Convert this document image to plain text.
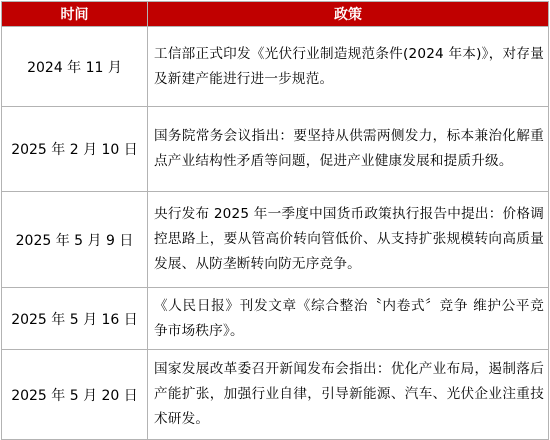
时间	政策
2024 年 11 月	工信部正式印发《光伏行业制造规范条件(2024 年本)》，对存量及新建产能进行进一步规范。
2025 年 2 月 10 日	国务院常务会议指出：要坚持从供需两侧发力，标本兼治化解重点产业结构性矛盾等问题，促进产业健康发展和提质升级。
2025 年 5 月 9 日	央行发布 2025 年一季度中国货币政策执行报告中提出：价格调控思路上，要从管高价转向管低价、从支持扩张规模转向高质量发展、从防垄断转向防无序竞争。
2025 年 5 月 16 日	《人民日报》刊发文章《综合整治〝内卷式〞竞争 维护公平竞争市场秩序》。
2025 年 5 月 20 日	国家发展改革委召开新闻发布会指出：优化产业布局，遏制落后产能扩张，加强行业自律，引导新能源、汽车、光伏企业注重技术研发。
